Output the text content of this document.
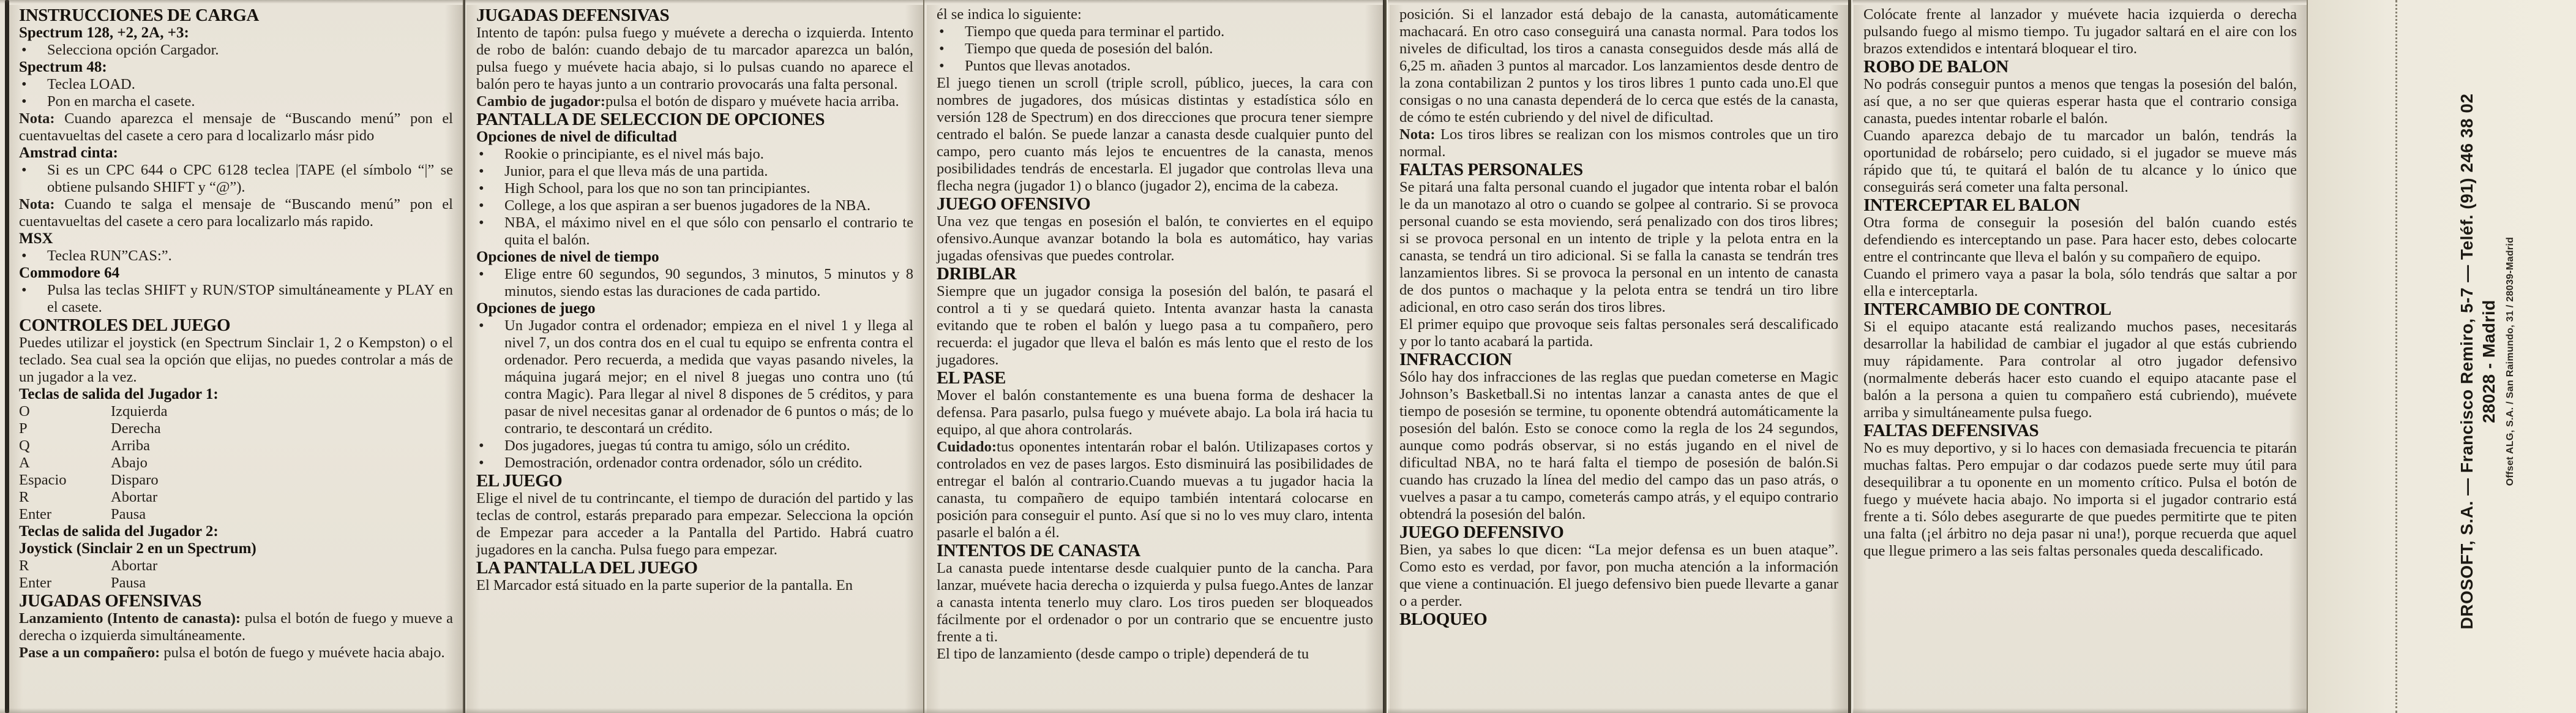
INSTRUCCIONES DE CARGA
Spectrum 128, +2, 2A, +3:
•	Selecciona opción Cargador.
Spectrum 48:
•	Teclea LOAD.
•	Pon en marcha el casete.

Nota: Cuando aparezca el mensaje de “Buscando menú” pon el cuentavueltas del casete a cero para d localizarlo másr pido

Amstrad cinta:
•	Si es un CPC 644 o CPC 6128 teclea |TAPE (el símbolo “|” se obtiene pulsando SHIFT y “@”).

Nota: Cuando te salga el mensaje de “Buscando menú” pon el cuentavueltas del casete a cero para localizarlo más rapido.

MSX
•	Teclea RUN”CAS:”.
Commodore 64
•	Pulsa las teclas SHIFT y RUN/STOP simultáneamente y PLAY en el casete.
CONTROLES DEL JUEGO

Puedes utilizar el joystick (en Spectrum Sinclair 1, 2 o Kempston) o el teclado. Sea cual sea la opción que elijas, no puedes controlar a más de un jugador a la vez.

Teclas de salida del Jugador 1:
O	Izquierda
P	Derecha
Q	Arriba
A	Abajo
Espacio	Disparo
R	Abortar
Enter	Pausa
Teclas de salida del Jugador 2:
Joystick (Sinclair 2 en un Spectrum)
R	Abortar
Enter	Pausa
JUGADAS OFENSIVAS

Lanzamiento (Intento de canasta): pulsa el botón de fuego y mueve a derecha o izquierda simultáneamente.

Pase a un compañero: pulsa el botón de fuego y muévete hacia abajo.

JUGADAS DEFENSIVAS

Intento de tapón: pulsa fuego y muévete a derecha o izquierda. Intento de robo de balón: cuando debajo de tu marcador aparezca un balón, pulsa fuego y muévete hacia abajo, si lo pulsas cuando no aparece el balón pero te hayas junto a un contrario provocarás una falta personal.

Cambio de jugador:pulsa el botón de disparo y muévete hacia arriba.

PANTALLA DE SELECCION DE OPCIONES
Opciones de nivel de dificultad
•	Rookie o principiante, es el nivel más bajo.
•	Junior, para el que lleva más de una partida.
•	High School, para los que no son tan principiantes.
•	College, a los que aspiran a ser buenos jugadores de la NBA.
•	NBA, el máximo nivel en el que sólo con pensarlo el contrario te quita el balón.
Opciones de nivel de tiempo
•	Elige entre 60 segundos, 90 segundos, 3 minutos, 5 minutos y 8 minutos, siendo estas las duraciones de cada partido.
Opciones de juego
•	Un Jugador contra el ordenador; empieza en el nivel 1 y llega al nivel 7, un dos contra dos en el cual tu equipo se enfrenta contra el ordenador. Pero recuerda, a medida que vayas pasando niveles, la máquina jugará mejor; en el nivel 8 juegas uno contra uno (tú contra Magic). Para llegar al nivel 8 dispones de 5 créditos, y para pasar de nivel necesitas ganar al ordenador de 6 puntos o más; de lo contrario, te descontará un crédito.
•	Dos jugadores, juegas tú contra tu amigo, sólo un crédito.
•	Demostración, ordenador contra ordenador, sólo un crédito.
EL JUEGO

Elige el nivel de tu contrincante, el tiempo de duración del partido y las teclas de control, estarás preparado para empezar. Selecciona la opción de Empezar para acceder a la Pantalla del Partido. Habrá cuatro jugadores en la cancha. Pulsa fuego para empezar.

LA PANTALLA DEL JUEGO

El Marcador está situado en la parte superior de la pantalla. En

él se indica lo siguiente:

•	Tiempo que queda para terminar el partido.
•	Tiempo que queda de posesión del balón.
•	Puntos que llevas anotados.

El juego tienen un scroll (triple scroll, público, jueces, la cara con nombres de jugadores, dos músicas distintas y estadística sólo en versión 128 de Spectrum) en dos direcciones que procura tener siempre centrado el balón. Se puede lanzar a canasta desde cualquier punto del campo, pero cuanto más lejos te encuentres de la canasta, menos posibilidades tendrás de encestarla. El jugador que controlas lleva una flecha negra (jugador 1) o blanco (jugador 2), encima de la cabeza.

JUEGO OFENSIVO

Una vez que tengas en posesión el balón, te conviertes en el equipo ofensivo.Aunque avanzar botando la bola es automático, hay varias jugadas ofensivas que puedes controlar.

DRIBLAR

Siempre que un jugador consiga la posesión del balón, te pasará el control a ti y se quedará quieto. Intenta avanzar hasta la canasta evitando que te roben el balón y luego pasa a tu compañero, pero recuerda: el jugador que lleva el balón es más lento que el resto de los jugadores.

EL PASE

Mover el balón constantemente es una buena forma de deshacer la defensa. Para pasarlo, pulsa fuego y muévete abajo. La bola irá hacia tu equipo, al que ahora controlarás.

Cuidado:tus oponentes intentarán robar el balón. Utilizapases cortos y controlados en vez de pases largos. Esto disminuirá las posibilidades de entregar el balón al contrario.Cuando muevas a tu jugador hacia la canasta, tu compañero de equipo también intentará colocarse en posición para conseguir el punto. Así que si no lo ves muy claro, intenta pasarle el balón a él.

INTENTOS DE CANASTA

La canasta puede intentarse desde cualquier punto de la cancha. Para lanzar, muévete hacia derecha o izquierda y pulsa fuego.Antes de lanzar a canasta intenta tenerlo muy claro. Los tiros pueden ser bloqueados fácilmente por el ordenador o por un contrario que se encuentre justo frente a ti.

El tipo de lanzamiento (desde campo o triple) dependerá de tu

posición. Si el lanzador está debajo de la canasta, automáticamente machacará. En otro caso conseguirá una canasta normal. Para todos los niveles de dificultad, los tiros a canasta conseguidos desde más allá de 6,25 m. añaden 3 puntos al marcador. Los lanzamientos desde dentro de la zona contabilizan 2 puntos y los tiros libres 1 punto cada uno.El que consigas o no una canasta dependerá de lo cerca que estés de la canasta, de cómo te estén cubriendo y del nivel de dificultad.

Nota: Los tiros libres se realizan con los mismos controles que un tiro normal.

FALTAS PERSONALES

Se pitará una falta personal cuando el jugador que intenta robar el balón le da un manotazo al otro o cuando se golpee al contrario. Si se provoca personal cuando se esta moviendo, será penalizado con dos tiros libres; si se provoca personal en un intento de triple y la pelota entra en la canasta, se tendrá un tiro adicional. Si se falla la canasta se tendrán tres lanzamientos libres. Si se provoca la personal en un intento de canasta de dos puntos o machaque y la pelota entra se tendrá un tiro libre adicional, en otro caso serán dos tiros libres.

El primer equipo que provoque seis faltas personales será descalificado y por lo tanto acabará la partida.

INFRACCION

Sólo hay dos infracciones de las reglas que puedan cometerse en Magic Johnson’s Basketball.Si no intentas lanzar a canasta antes de que el tiempo de posesión se termine, tu oponente obtendrá automáticamente la posesión del balón. Esto se conoce como la regla de los 24 segundos, aunque como podrás observar, si no estás jugando en el nivel de dificultad NBA, no te hará falta el tiempo de posesión de balón.Si cuando has cruzado la línea del medio del campo das un paso atrás, o vuelves a pasar a tu campo, cometerás campo atrás, y el equipo contrario obtendrá la posesión del balón.

JUEGO DEFENSIVO

Bien, ya sabes lo que dicen: “La mejor defensa es un buen ataque”. Como esto es verdad, por favor, pon mucha atención a la información que viene a continuación. El juego defensivo bien puede llevarte a ganar o a perder.

BLOQUEO

Colócate frente al lanzador y muévete hacia izquierda o derecha pulsando fuego al mismo tiempo. Tu jugador saltará en el aire con los brazos extendidos e intentará bloquear el tiro.

ROBO DE BALON

No podrás conseguir puntos a menos que tengas la posesión del balón, así que, a no ser que quieras esperar hasta que el contrario consiga canasta, puedes intentar robarle el balón.

Cuando aparezca debajo de tu marcador un balón, tendrás la oportunidad de robárselo; pero cuidado, si el jugador se mueve más rápido que tú, te quitará el balón de tu alcance y lo único que conseguirás será cometer una falta personal.

INTERCEPTAR EL BALON

Otra forma de conseguir la posesión del balón cuando estés defendiendo es interceptando un pase. Para hacer esto, debes colocarte entre el contrincante que lleva el balón y su compañero de equipo.

Cuando el primero vaya a pasar la bola, sólo tendrás que saltar a por ella e interceptarla.

INTERCAMBIO DE CONTROL

Si el equipo atacante está realizando muchos pases, necesitarás desarrollar la habilidad de cambiar el jugador al que estás cubriendo muy rápidamente. Para controlar al otro jugador defensivo (normalmente deberás hacer esto cuando el equipo atacante pase el balón a la persona a quien tu compañero está cubriendo), muévete arriba y simultáneamente pulsa fuego.

FALTAS DEFENSIVAS

No es muy deportivo, y si lo haces con demasiada frecuencia te pitarán muchas faltas. Pero empujar o dar codazos puede serte muy útil para desequilibrar a tu oponente en un momento crítico. Pulsa el botón de fuego y muévete hacia abajo. No importa si el jugador contrario está frente a ti. Sólo debes asegurarte de que puedes permitirte que te piten una falta (¡el árbitro no deja pasar ni una!), porque recuerda que aquel que llegue primero a las seis faltas personales queda descalificado.	DROSOFT, S.A. — Francisco Remiro, 5-7 — Teléf. (91) 246 38 02 28028 - Madrid Offset ALG, S.A. / San Raimundo, 31 / 28039-Madrid
